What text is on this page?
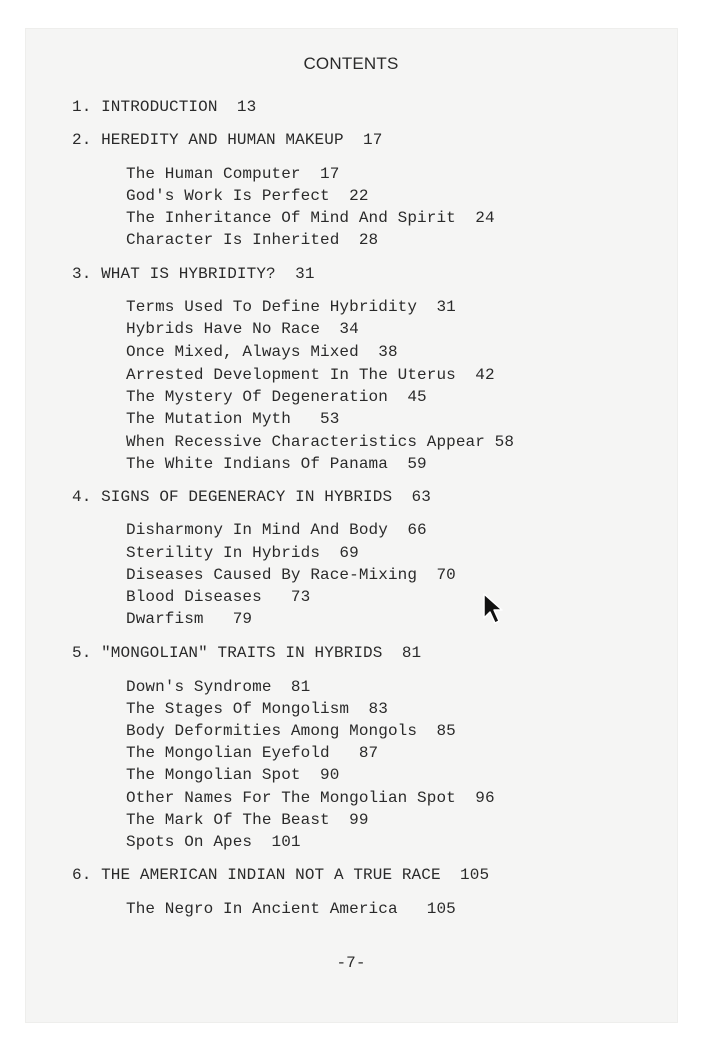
CONTENTS
1. INTRODUCTION  13
2. HEREDITY AND HUMAN MAKEUP  17
The Human Computer  17
God's Work Is Perfect  22
The Inheritance Of Mind And Spirit  24
Character Is Inherited  28
3. WHAT IS HYBRIDITY?  31
Terms Used To Define Hybridity  31
Hybrids Have No Race  34
Once Mixed, Always Mixed  38
Arrested Development In The Uterus  42
The Mystery Of Degeneration  45
The Mutation Myth   53
When Recessive Characteristics Appear 58
The White Indians Of Panama  59
4. SIGNS OF DEGENERACY IN HYBRIDS  63
Disharmony In Mind And Body  66
Sterility In Hybrids  69
Diseases Caused By Race-Mixing  70
Blood Diseases   73
Dwarfism   79
5. "MONGOLIAN" TRAITS IN HYBRIDS  81
Down's Syndrome  81
The Stages Of Mongolism  83
Body Deformities Among Mongols  85
The Mongolian Eyefold   87
The Mongolian Spot  90
Other Names For The Mongolian Spot  96
The Mark Of The Beast  99
Spots On Apes  101
6. THE AMERICAN INDIAN NOT A TRUE RACE  105
The Negro In Ancient America   105
-7-
